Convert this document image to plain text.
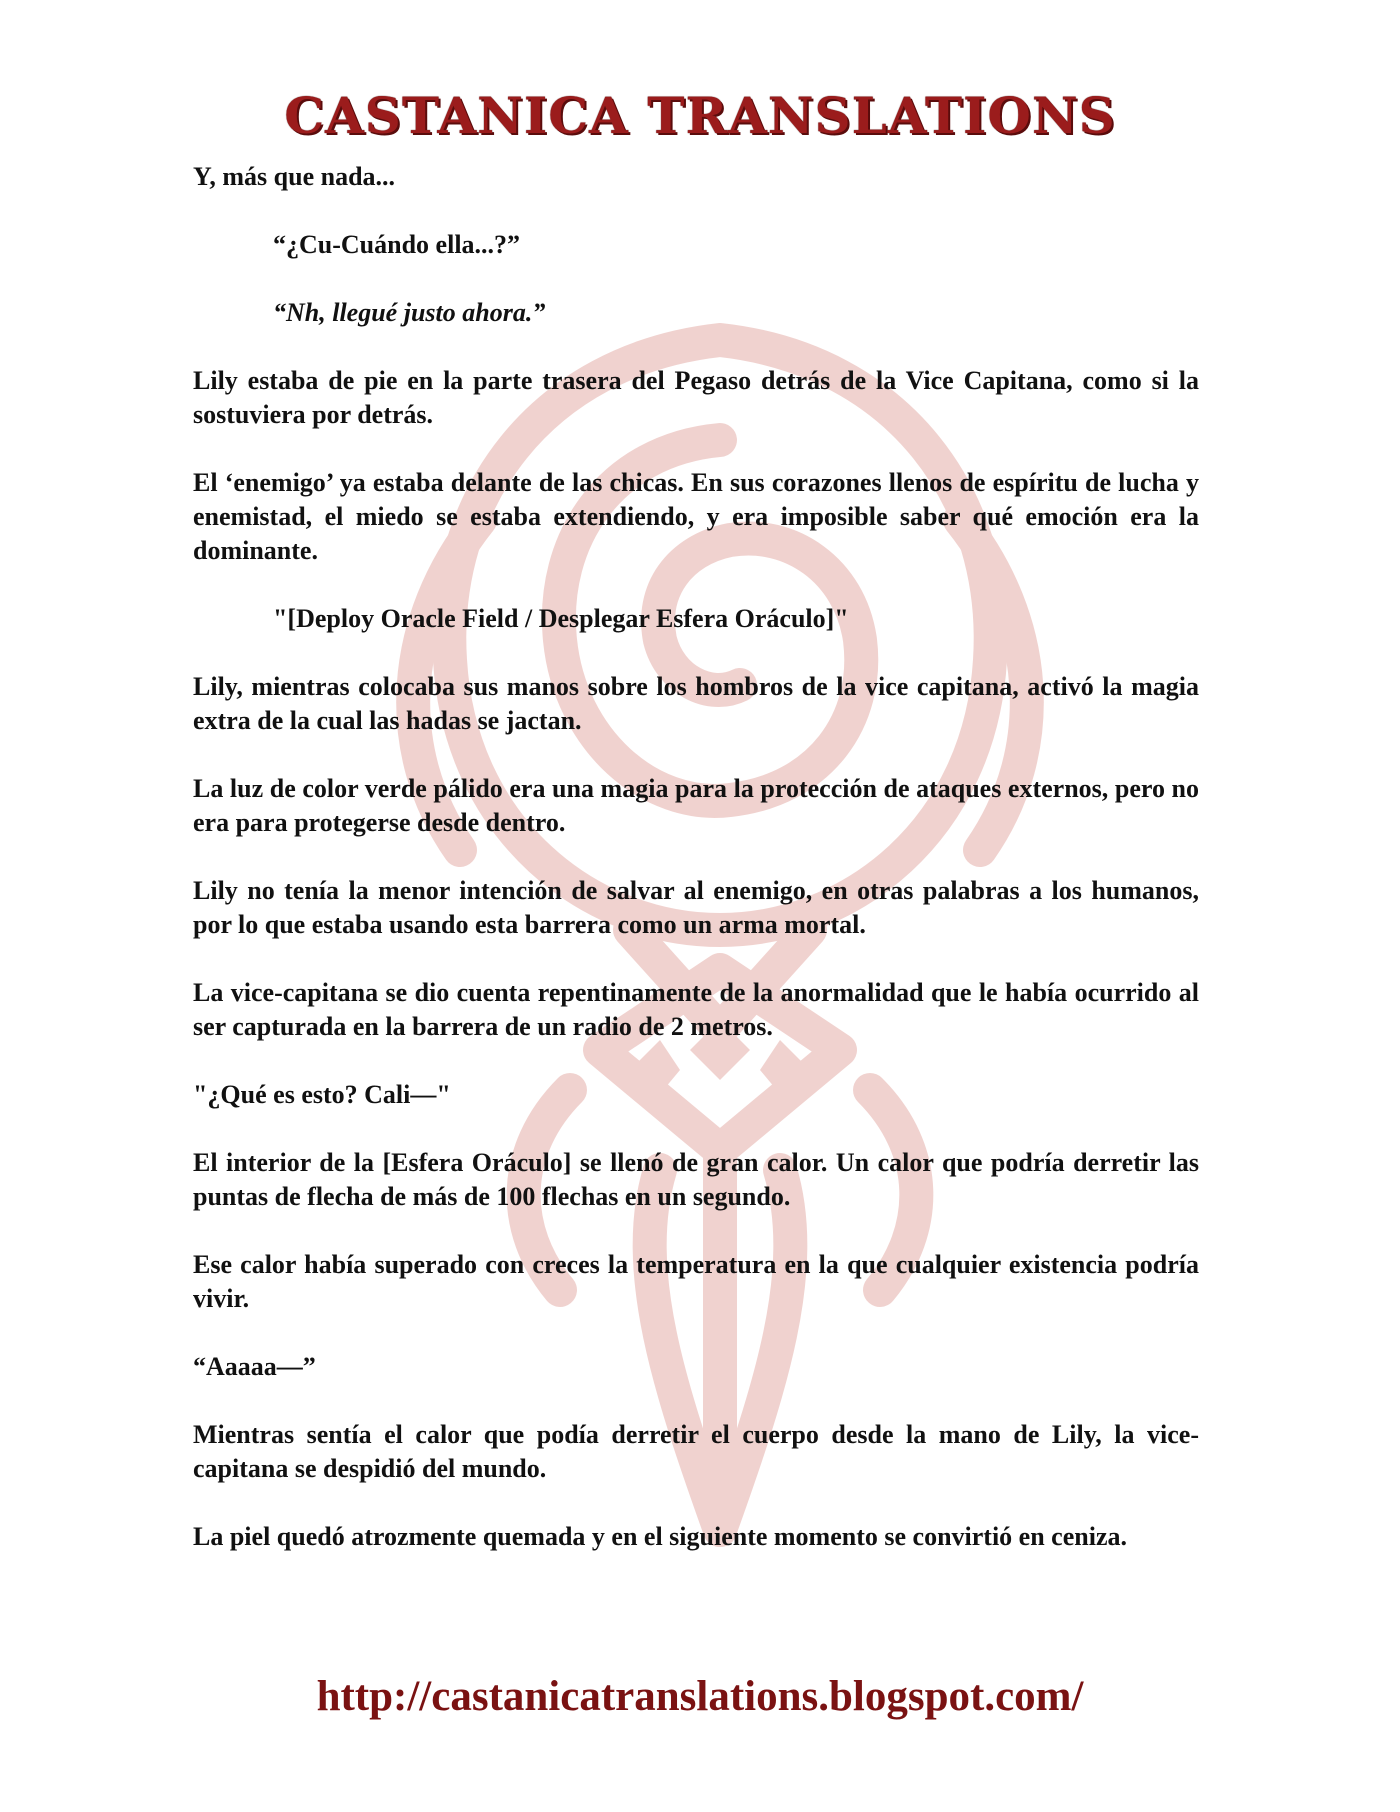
CASTANICA TRANSLATIONS

Y, más que nada...

“¿Cu-Cuándo ella...?”

“Nh, llegué justo ahora.”

Lily estaba de pie en la parte trasera del Pegaso detrás de la Vice Capitana, como si la sostuviera por detrás.

El ‘enemigo’ ya estaba delante de las chicas. En sus corazones llenos de espíritu de lucha y enemistad, el miedo se estaba extendiendo, y era imposible saber qué emoción era la dominante.

"[Deploy Oracle Field / Desplegar Esfera Oráculo]"

Lily, mientras colocaba sus manos sobre los hombros de la vice capitana, activó la magia extra de la cual las hadas se jactan.

La luz de color verde pálido era una magia para la protección de ataques externos, pero no era para protegerse desde dentro.

Lily no tenía la menor intención de salvar al enemigo, en otras palabras a los humanos, por lo que estaba usando esta barrera como un arma mortal.

La vice-capitana se dio cuenta repentinamente de la anormalidad que le había ocurrido al ser capturada en la barrera de un radio de 2 metros.

"¿Qué es esto? Cali—"

El interior de la [Esfera Oráculo] se llenó de gran calor. Un calor que podría derretir las puntas de flecha de más de 100 flechas en un segundo.

Ese calor había superado con creces la temperatura en la que cualquier existencia podría vivir.

“Aaaaa—”

Mientras sentía el calor que podía derretir el cuerpo desde la mano de Lily, la vice-capitana se despidió del mundo.

La piel quedó atrozmente quemada y en el siguiente momento se convirtió en ceniza.

http://castanicatranslations.blogspot.com/
